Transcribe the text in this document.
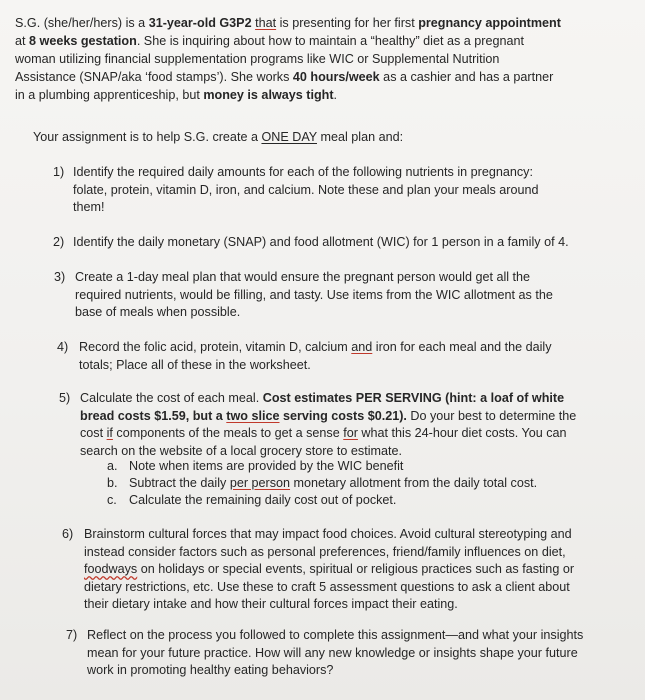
S.G. (she/her/hers) is a 31-year-old G3P2 that is presenting for her first pregnancy appointment
at 8 weeks gestation. She is inquiring about how to maintain a “healthy” diet as a pregnant
woman utilizing financial supplementation programs like WIC or Supplemental Nutrition
Assistance (SNAP/aka ‘food stamps’). She works 40 hours/week as a cashier and has a partner
in a plumbing apprenticeship, but money is always tight.
Your assignment is to help S.G. create a ONE DAY meal plan and:
1) Identify the required daily amounts for each of the following nutrients in pregnancy:
folate, protein, vitamin D, iron, and calcium. Note these and plan your meals around
them!
2) Identify the daily monetary (SNAP) and food allotment (WIC) for 1 person in a family of 4.
3) Create a 1-day meal plan that would ensure the pregnant person would get all the
required nutrients, would be filling, and tasty. Use items from the WIC allotment as the
base of meals when possible.
4) Record the folic acid, protein, vitamin D, calcium and iron for each meal and the daily
totals; Place all of these in the worksheet.
5) Calculate the cost of each meal. Cost estimates PER SERVING (hint: a loaf of white
bread costs $1.59, but a two slice serving costs $0.21). Do your best to determine the
cost if components of the meals to get a sense for what this 24-hour diet costs. You can
search on the website of a local grocery store to estimate.
a. Note when items are provided by the WIC benefit
b. Subtract the daily per person monetary allotment from the daily total cost.
c. Calculate the remaining daily cost out of pocket.
6) Brainstorm cultural forces that may impact food choices. Avoid cultural stereotyping and
instead consider factors such as personal preferences, friend/family influences on diet,
foodways on holidays or special events, spiritual or religious practices such as fasting or
dietary restrictions, etc. Use these to craft 5 assessment questions to ask a client about
their dietary intake and how their cultural forces impact their eating.
7) Reflect on the process you followed to complete this assignment—and what your insights
mean for your future practice. How will any new knowledge or insights shape your future
work in promoting healthy eating behaviors?
